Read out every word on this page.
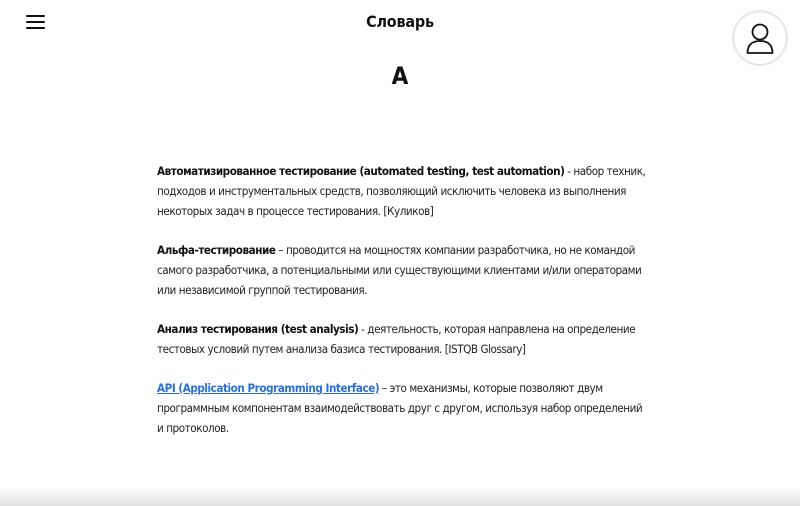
Словарь
А

Автоматизированное тестирование (automated testing, test automation) - набор техник, подходов и инструментальных средств, позволяющий исключить человека из выполнения некоторых задач в процессе тестирования. [Куликов]

Альфа-тестирование – проводится на мощностях компании разработчика, но не командой самого разработчика, а потенциальными или существующими клиентами и/или операторами или независимой группой тестирования.

Анализ тестирования (test analysis) - деятельность, которая направлена на определение тестовых условий путем анализа базиса тестирования. [ISTQB Glossary]

API (Application Programming Interface) – это механизмы, которые позволяют двум программным компонентам взаимодействовать друг с другом, используя набор определений и протоколов.
